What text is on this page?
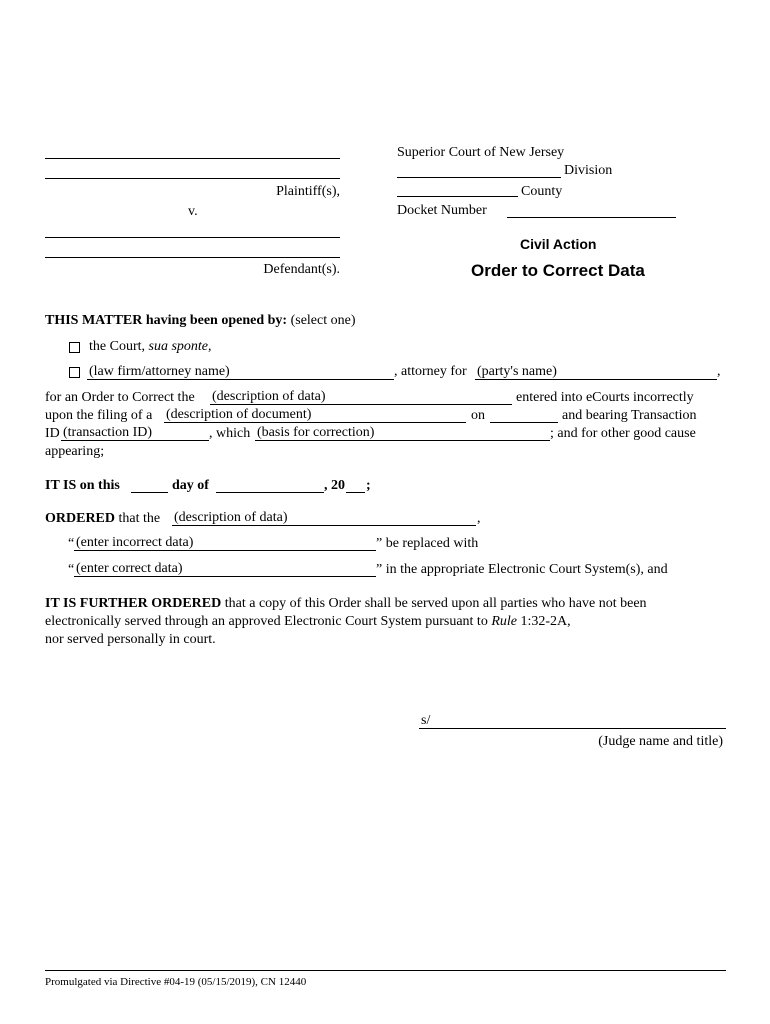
Plaintiff(s),
v.
Defendant(s).
Superior Court of New Jersey
Division
County
Docket Number
Civil Action
Order to Correct Data
THIS MATTER having been opened by: (select one)
the Court, sua sponte,
(law firm/attorney name)	, attorney for (party's name)	,
for an Order to Correct the (description of data)	entered into eCourts incorrectly
upon the filing of a (description of document)	on	and bearing Transaction
ID (transaction ID)	, which (basis for correction)	; and for other good cause
appearing;
IT IS on this	day of	, 20 ;
ORDERED that the (description of data)	,
“ (enter incorrect data)	” be replaced with
“ (enter correct data)	” in the appropriate Electronic Court System(s), and
IT IS FURTHER ORDERED that a copy of this Order shall be served upon all parties who have not been
electronically served through an approved Electronic Court System pursuant to Rule 1:32-2A,
nor served personally in court.
s/
(Judge name and title)
Promulgated via Directive #04-19 (05/15/2019), CN 12440
